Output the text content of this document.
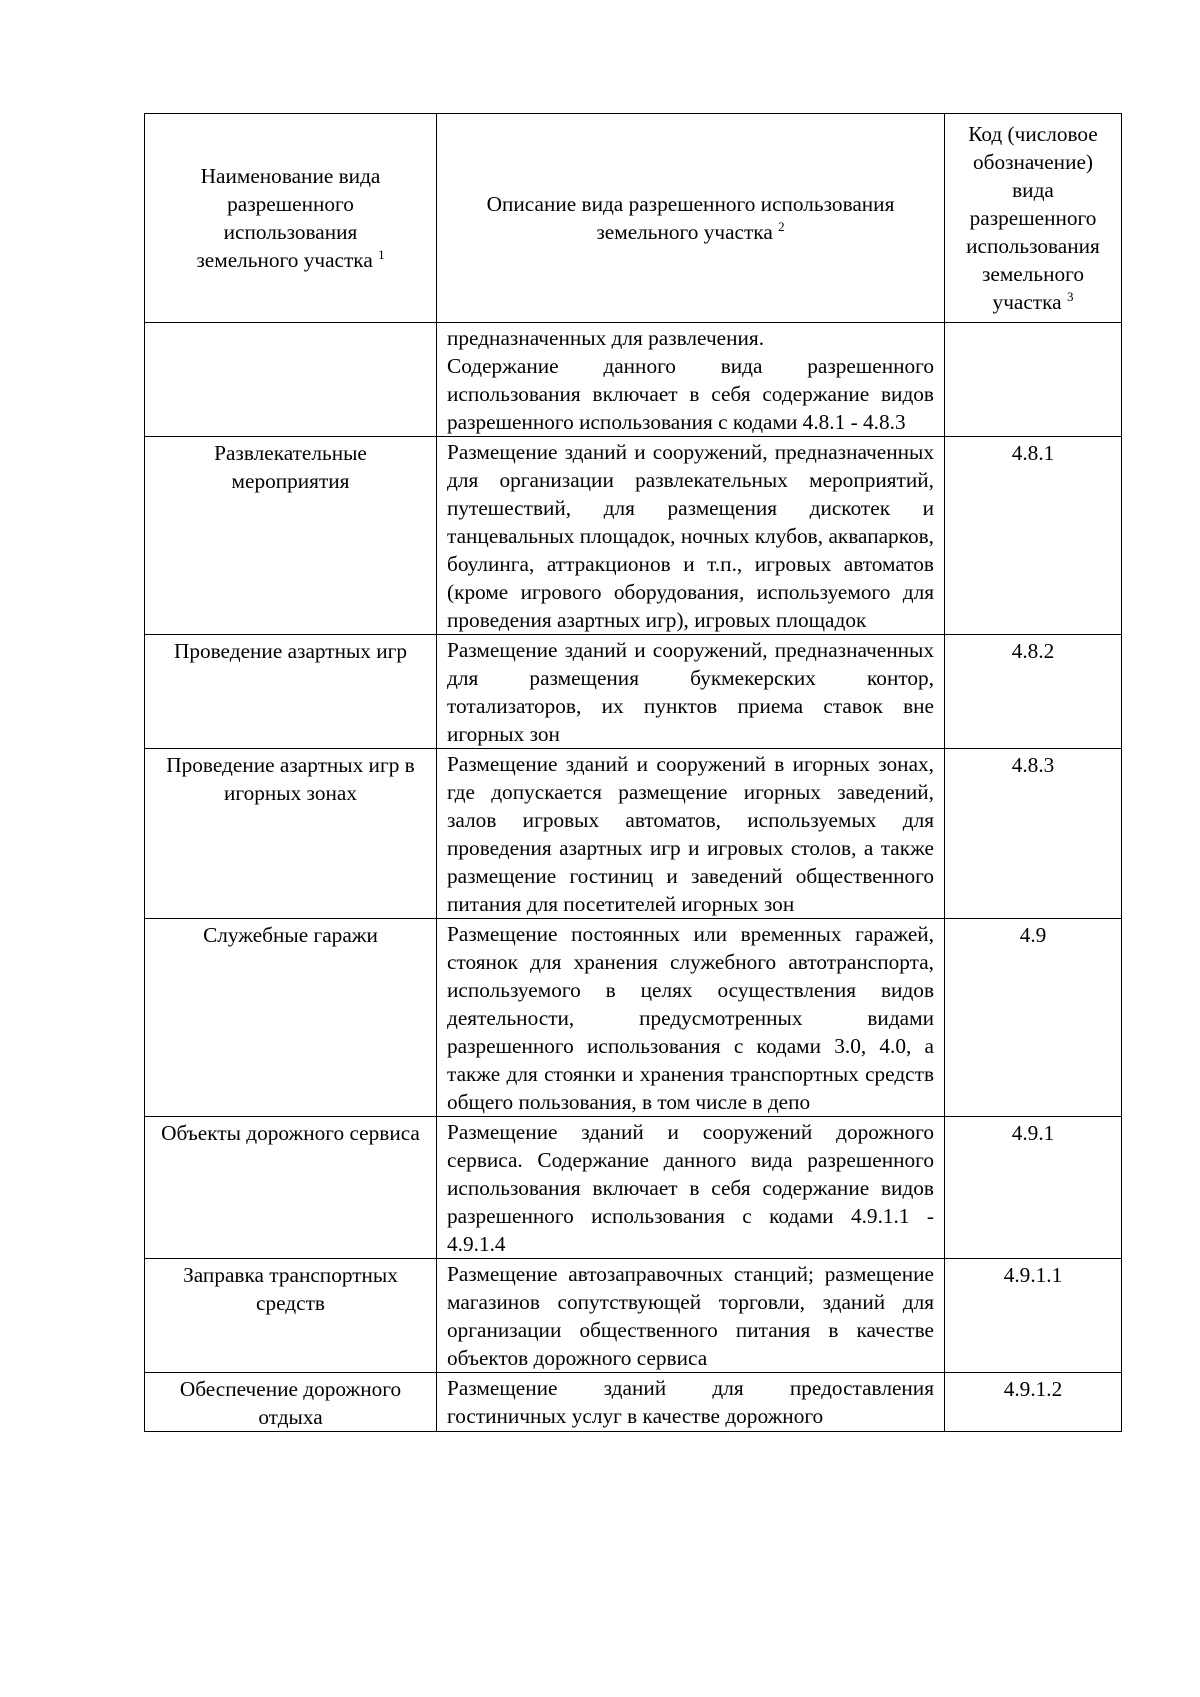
Наименование вида разрешенного использования земельного участка $^1$	Описание вида разрешенного использования земельного участка $^2$	Код (числовое обозначение) вида разрешенного использования земельного участка $^3$

	предназначенных для развлечения.
Содержание данного вида разрешенного использования включает в себя содержание видов разрешенного использования с кодами 4.8.1 - 4.8.3	

Развлекательные мероприятия	Размещение зданий и сооружений, предназначенных для организации развлекательных мероприятий, путешествий, для размещения дискотек и танцевальных площадок, ночных клубов, аквапарков, боулинга, аттракционов и т.п., игровых автоматов (кроме игрового оборудования, используемого для проведения азартных игр), игровых площадок	4.8.1
Проведение азартных игр	Размещение зданий и сооружений, предназначенных для размещения букмекерских контор, тотализаторов, их пунктов приема ставок вне игорных зон	4.8.2
Проведение азартных игр в игорных зонах	Размещение зданий и сооружений в игорных зонах, где допускается размещение игорных заведений, залов игровых автоматов, используемых для проведения азартных игр и игровых столов, а также размещение гостиниц и заведений общественного питания для посетителей игорных зон	4.8.3
Служебные гаражи	Размещение постоянных или временных гаражей, стоянок для хранения служебного автотранспорта, используемого в целях осуществления видов деятельности, предусмотренных видами разрешенного использования с кодами 3.0, 4.0, а также для стоянки и хранения транспортных средств общего пользования, в том числе в депо	4.9
Объекты дорожного сервиса	Размещение зданий и сооружений дорожного сервиса. Содержание данного вида разрешенного использования включает в себя содержание видов разрешенного использования с кодами 4.9.1.1 - 4.9.1.4	4.9.1
Заправка транспортных средств	Размещение автозаправочных станций; размещение магазинов сопутствующей торговли, зданий для организации общественного питания в качестве объектов дорожного сервиса	4.9.1.1
Обеспечение дорожного отдыха	Размещение зданий для предоставления гостиничных услуг в качестве дорожного	4.9.1.2
